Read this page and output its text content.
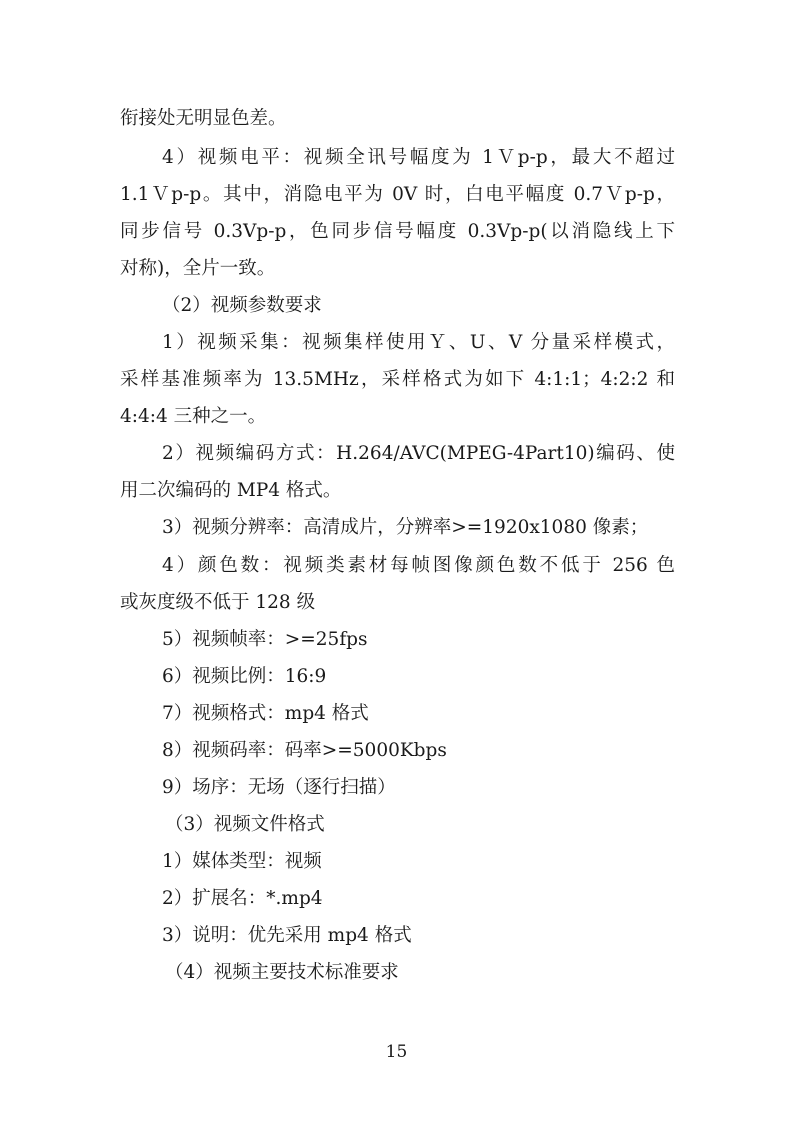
衔接处无明显色差。
4）视频电平：视频全讯号幅度为 1Ｖp-p，最大不超过
1.1Ｖp-p。其中，消隐电平为 0V 时，白电平幅度 0.7Ｖp-p，
同步信号 0.3Vp-p，色同步信号幅度 0.3Vp-p(以消隐线上下
对称)，全片一致。
（2）视频参数要求
1）视频采集：视频集样使用Ｙ、U、V 分量采样模式，
采样基准频率为 13.5MHz，采样格式为如下 4:1:1；4:2:2 和
4:4:4 三种之一。
2）视频编码方式：H.264/AVC(MPEG-4Part10)编码、使
用二次编码的 MP4 格式。
3）视频分辨率：高清成片，分辨率>=1920x1080 像素；
4）颜色数：视频类素材每帧图像颜色数不低于 256 色
或灰度级不低于 128 级
5）视频帧率：>=25fps
6）视频比例：16:9
7）视频格式：mp4 格式
8）视频码率：码率>=5000Kbps
9）场序：无场（逐行扫描）
（3）视频文件格式
1）媒体类型：视频
2）扩展名：*.mp4
3）说明：优先采用 mp4 格式
（4）视频主要技术标准要求
15
